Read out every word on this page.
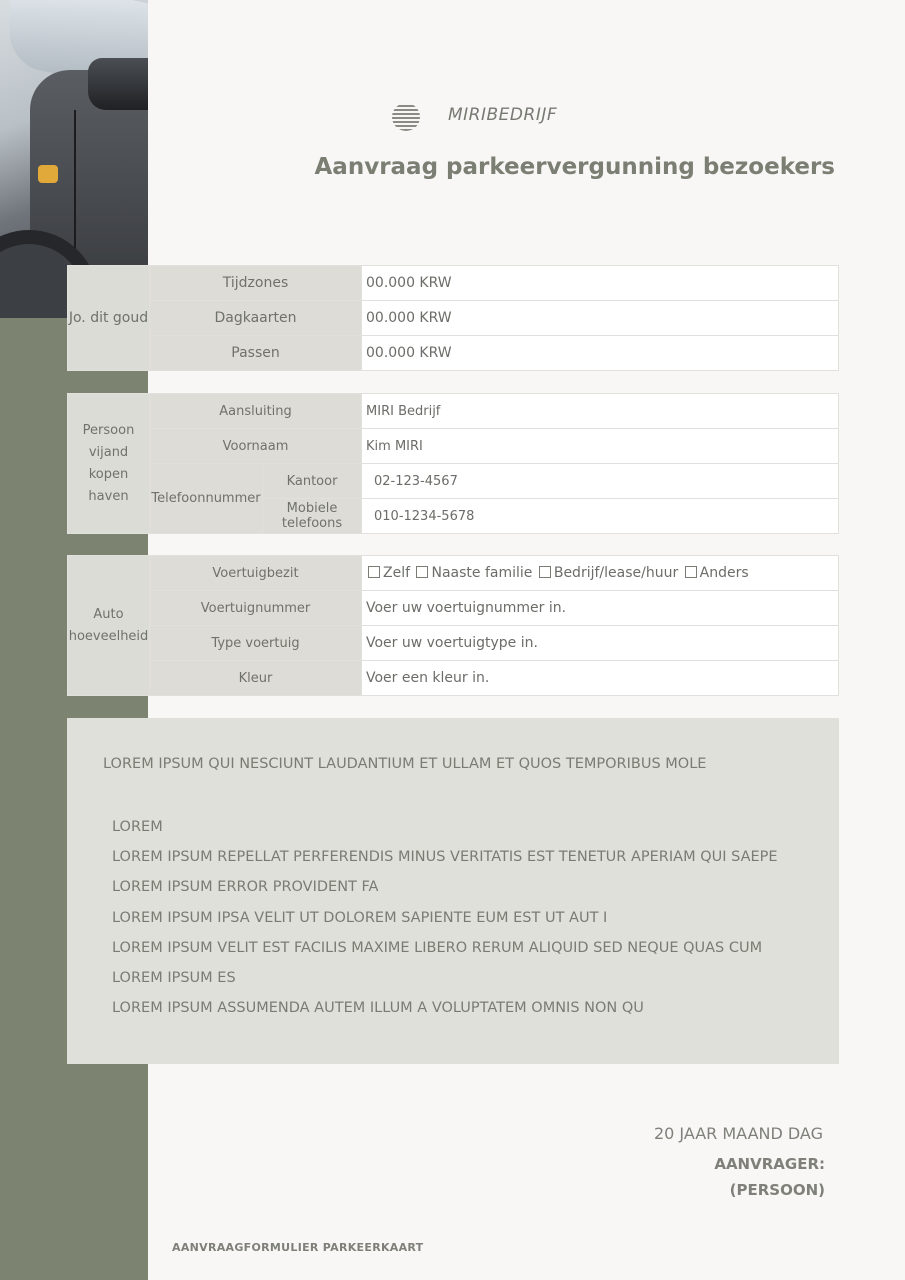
MIRIBEDRIJF
Aanvraag parkeervergunning bezoekers
Jo. dit goud	Tijdzones	00.000 KRW
	Dagkaarten	00.000 KRW
	Passen	00.000 KRW
Persoon vijand kopen haven	Aansluiting		MIRI Bedrijf
	Voornaam		Kim MIRI
	Telefoonnummer	Kantoor	02-123-4567
		Mobiele telefoons	010-1234-5678
Auto hoeveelheid	Voertuigbezit	Zelf Naaste familie Bedrijf/lease/huur Anders
	Voertuignummer	Voer uw voertuignummer in.
	Type voertuig	Voer uw voertuigtype in.
	Kleur	Voer een kleur in.
LOREM IPSUM QUI NESCIUNT LAUDANTIUM ET ULLAM ET QUOS TEMPORIBUS MOLE
LOREM
LOREM IPSUM REPELLAT PERFERENDIS MINUS VERITATIS EST TENETUR APERIAM QUI SAEPE
LOREM IPSUM ERROR PROVIDENT FA
LOREM IPSUM IPSA VELIT UT DOLOREM SAPIENTE EUM EST UT AUT I
LOREM IPSUM VELIT EST FACILIS MAXIME LIBERO RERUM ALIQUID SED NEQUE QUAS CUM
LOREM IPSUM ES
LOREM IPSUM ASSUMENDA AUTEM ILLUM A VOLUPTATEM OMNIS NON QU
20 JAAR MAAND DAG
AANVRAGER:
(PERSOON)
AANVRAAGFORMULIER PARKEERKAART
